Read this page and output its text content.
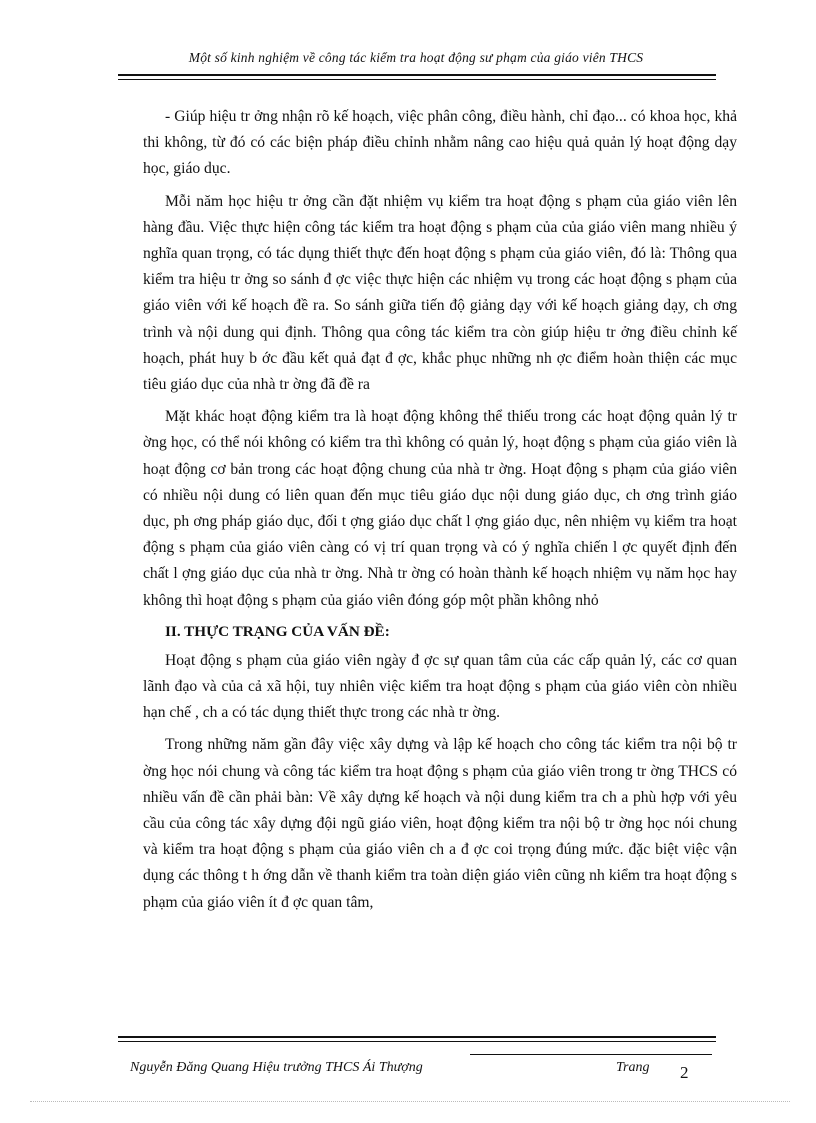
Một số kinh nghiệm về công tác kiểm tra hoạt động sư phạm của giáo viên THCS

- Giúp hiệu tr ởng nhận rõ kế hoạch, việc phân công, điều hành, chỉ đạo... có khoa học, khả thi không, từ đó có các biện pháp điều chỉnh nhằm nâng cao hiệu quả quản lý hoạt động dạy học, giáo dục.

Mỗi năm học hiệu tr ởng cần đặt nhiệm vụ kiểm tra hoạt động s phạm của giáo viên lên hàng đầu. Việc thực hiện công tác kiểm tra hoạt động s phạm của của giáo viên mang nhiều ý nghĩa quan trọng, có tác dụng thiết thực đến hoạt động s phạm của giáo viên, đó là: Thông qua kiểm tra hiệu tr ởng so sánh đ ợc việc thực hiện các nhiệm vụ trong các hoạt động s phạm của giáo viên với kế hoạch đề ra. So sánh giữa tiến độ giảng dạy với kế hoạch giảng dạy, ch ơng trình và nội dung qui định. Thông qua công tác kiểm tra còn giúp hiệu tr ởng điều chỉnh kế hoạch, phát huy b ớc đầu kết quả đạt đ ợc, khắc phục những nh ợc điểm hoàn thiện các mục tiêu giáo dục của nhà tr ờng đã đề ra

Mặt khác hoạt động kiểm tra là hoạt động không thể thiếu trong các hoạt động quản lý tr ờng học, có thể nói không có kiểm tra thì không có quản lý, hoạt động s phạm của giáo viên là hoạt động cơ bản trong các hoạt động chung của nhà tr ờng. Hoạt động s phạm của giáo viên có nhiều nội dung có liên quan đến mục tiêu giáo dục nội dung giáo dục, ch ơng trình giáo dục, ph ơng pháp giáo dục, đối t ợng giáo dục chất l ợng giáo dục, nên nhiệm vụ kiểm tra hoạt động s phạm của giáo viên càng có vị trí quan trọng và có ý nghĩa chiến l ợc quyết định đến chất l ợng giáo dục của nhà tr ờng. Nhà tr ờng có hoàn thành kế hoạch nhiệm vụ năm học hay không thì hoạt động s phạm của giáo viên đóng góp một phần không nhỏ

II. THỰC TRẠNG CỦA VẤN ĐỀ:

Hoạt động s phạm của giáo viên ngày đ ợc sự quan tâm của các cấp quản lý, các cơ quan lãnh đạo và của cả xã hội, tuy nhiên việc kiểm tra hoạt động s phạm của giáo viên còn nhiều hạn chế , ch a có tác dụng thiết thực trong các nhà tr ờng.

Trong những năm gần đây việc xây dựng và lập kế hoạch cho công tác kiểm tra nội bộ tr ờng học nói chung và công tác kiểm tra hoạt động s phạm của giáo viên trong tr ờng THCS có nhiều vấn đề cần phải bàn: Về xây dựng kế hoạch và nội dung kiểm tra ch a phù hợp với yêu cầu của công tác xây dựng đội ngũ giáo viên, hoạt động kiểm tra nội bộ tr ờng học nói chung và kiểm tra hoạt động s phạm của giáo viên ch a đ ợc coi trọng đúng mức. đặc biệt việc vận dụng các thông t h ớng dẫn về thanh kiểm tra toàn diện giáo viên cũng nh kiểm tra hoạt động s phạm của giáo viên ít đ ợc quan tâm,

Nguyễn Đăng Quang Hiệu trưởng THCS Ái Thượng	Trang 2
